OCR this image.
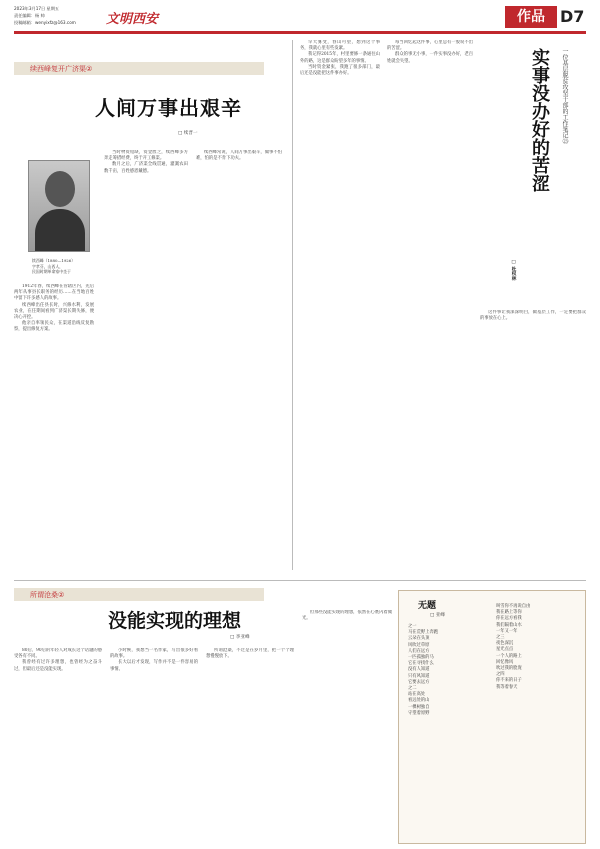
2023年3月17日 星期五
责任编辑：杨 帅
投稿邮箱：wenyixfz@163.com 文明西安	作品 D7
续西峰复开广济渠②
人间万事出艰辛
□ 续晋一
续西峰（1880—1926）
字孝芬，山西人，
民国时期革命家中坐于

1912年春，续西峰在管辖区内，先后两年从事县长职务的经历……在当地百姓中留下许多感人的故事。

续西峰出任县长时，兴修水利，发展农业，在任期间看到广济渠长期失修，便决心开挖。

他亲自率领民众，在渠道沿线反复勘察，提出修复方案。

当时物资短缺，资金匮乏，续西峰多方奔走筹措经费，终于开工修渠。

数月之后，广济渠全线贯通，灌溉农田数千亩，百姓感恩戴德。

续西峰常说，人间万事出艰辛，做事不怕难，怕的是不肯下功夫。

早大雾变，春山可望，想到这个事务，我就心里有些发紧。

我记得2015年，村里要修一条通往山外的路，这是群众盼望多年的事情。

当时资金紧张，我跑了很多部门，最后还是没能把这件事办好。

每当回忆起这件事，心里总有一股说不出的苦涩。

群众的事无小事，一件实事没办好，老百姓就会失望。	一位基层脱贫攻坚干部的工作笔记㉓
实事没办好的苦涩
□ 杜权林

这件事让我深深明白，做基层工作，一定要把群众的事放在心上。

所谓沧桑②
没能实现的理想
□ 李亚峰

80后、90后的年轻人对成长这个话题的感受各有不同。

我曾经有过许多理想，也曾经为之奋斗过，但最后还是没能实现。

小时候，我想当一名作家，写出很多好看的故事。

长大以后才发现，写作并不是一件容易的事情。

所谓沧桑，不过是在岁月里，把一个个理想慢慢放下。

但那些没能实现的理想，依然在心底闪着微光。

无题
□ 亚峰
之一
马在荒野上奔跑
云朵在头顶
风吹过草原
人们在远方
一匹孤独的马
它在寻找什么
没有人知道
只有风知道
它要去远方
之二
站在高处
看远处的山
一棵树独自
守望着原野
叫雪你不再说自由
我在路上等你
你在远方看我
我们隔着山水
一年又一年
之三
夜色深沉
星光点点
一个人的路上
回忆像风
吹过我的脸庞
之四
你不来的日子
我等着春天
